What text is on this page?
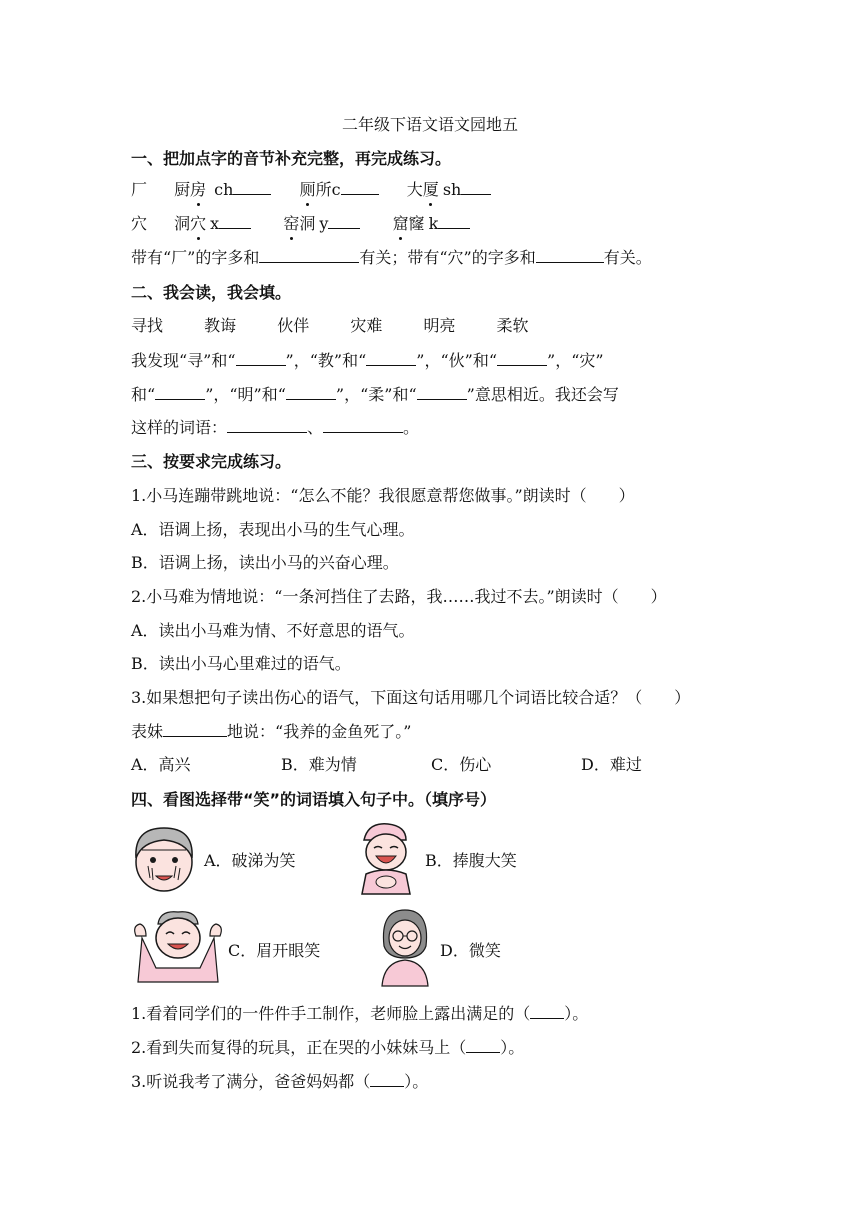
二年级下语文语文园地五
一、把加点字的音节补充完整，再完成练习。
厂 厨房 ch	厕所c	大厦 sh
穴 洞穴 x	窑洞 y	窟窿 k
带有“厂”的字多和	有关；带有“穴”的字多和	有关。
二、我会读，我会填。
寻找	教诲	伙伴	灾难	明亮	柔软
我发现“寻”和“	”，“教”和“	”，“伙”和“	”，“灾”
和“	”，“明”和“	”，“柔”和“	”意思相近。我还会写
这样的词语：	、	。
三、按要求完成练习。
1.小马连蹦带跳地说：“怎么不能？我很愿意帮您做事。”朗读时（　　）
A．语调上扬，表现出小马的生气心理。
B．语调上扬，读出小马的兴奋心理。
2.小马难为情地说：“一条河挡住了去路，我……我过不去。”朗读时（　　）
A．读出小马难为情、不好意思的语气。
B．读出小马心里难过的语气。
3.如果想把句子读出伤心的语气，下面这句话用哪几个词语比较合适？（　　）
表妹	地说：“我养的金鱼死了。”
A．高兴	B．难为情	C．伤心	D．难过
四、看图选择带“笑”的词语填入句子中。（填序号）
A．破涕为笑	B．捧腹大笑
C．眉开眼笑	D．微笑
1.看着同学们的一件件手工制作，老师脸上露出满足的（ ）。
2.看到失而复得的玩具，正在哭的小妹妹马上（ ）。
3.听说我考了满分，爸爸妈妈都（ ）。
